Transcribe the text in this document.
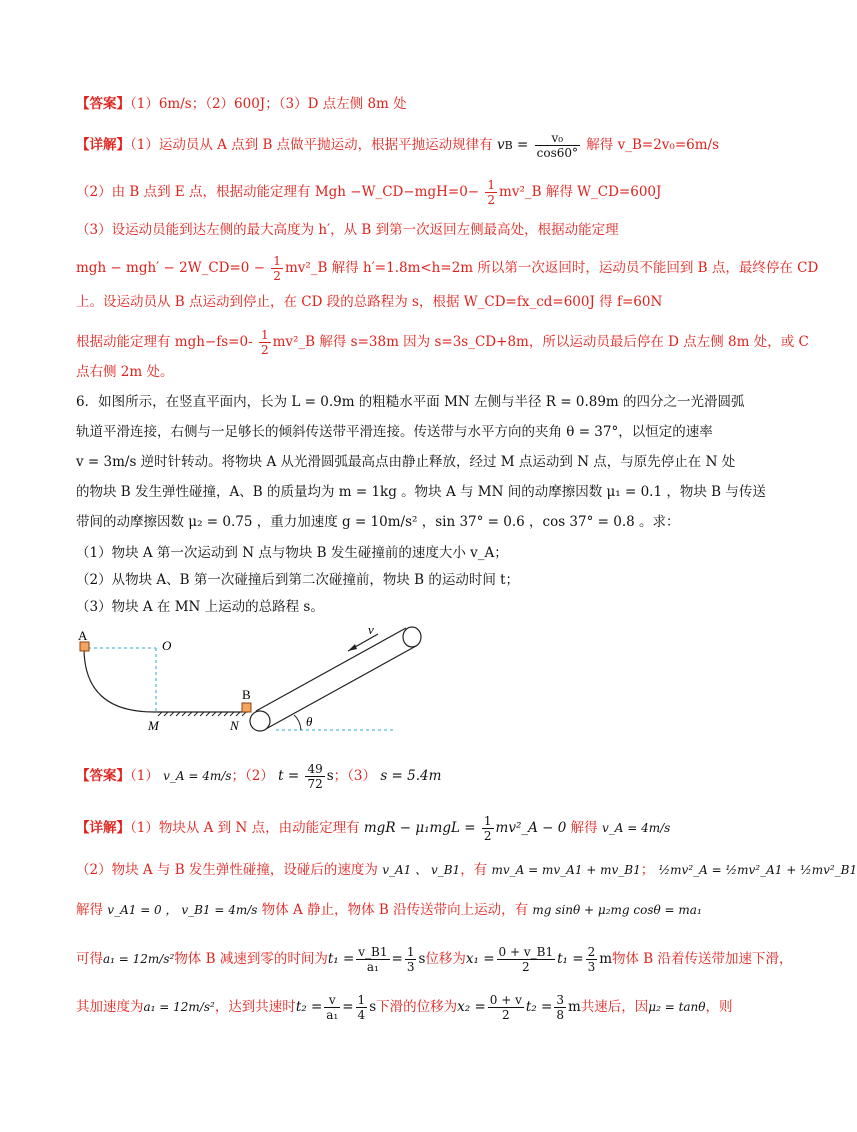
【答案】（1）6m/s；（2）600J；（3）D 点左侧 8m 处
【详解】（1）运动员从 A 点到 B 点做平抛运动，根据平抛运动规律有 vB = $\frac{\text{v₀}}{\cos 60^\circ}$ 解得 v_B=2v₀=6m/s
（2）由 B 点到 E 点，根据动能定理有 Mgh −W_CD−mgH=0− $\frac{1}{2}$ mv²_B 解得 W_CD=600J
（3）设运动员能到达左侧的最大高度为 h′，从 B 到第一次返回左侧最高处，根据动能定理
mgh − mgh′ − 2W_CD=0 − $\frac{1}{2}$ mv²_B 解得 h′=1.8m<h=2m 所以第一次返回时，运动员不能回到 B 点，最终停在 CD
上。设运动员从 B 点运动到停止，在 CD 段的总路程为 s，根据 W_CD=fx_cd=600J 得 f=60N
根据动能定理有 $mgh-fs=0- \frac{1}{2}$ mv²_B 解得 s=38m 因为 s=3s_CD+8m，所以运动员最后停在 D 点左侧 8m 处，或 C
点右侧 2m 处。
6．如图所示，在竖直平面内，长为 L = 0.9m 的粗糙水平面 MN 左侧与半径 R = 0.89m 的四分之一光滑圆弧
轨道平滑连接，右侧与一足够长的倾斜传送带平滑连接。传送带与水平方向的夹角 θ = 37°，以恒定的速率
v = 3m/s 逆时针转动。将物块 A 从光滑圆弧最高点由静止释放，经过 M 点运动到 N 点，与原先停止在 N 处
的物块 B 发生弹性碰撞，A、B 的质量均为 m = 1kg 。物块 A 与 MN 间的动摩擦因数 μ₁ = 0.1 ，物块 B 与传送
带间的动摩擦因数 μ₂ = 0.75 ，重力加速度 g = 10m/s² ，sin 37° = 0.6 ，cos 37° = 0.8 。求：
（1）物块 A 第一次运动到 N 点与物块 B 发生碰撞前的速度大小 v_A；
（2）从物块 A、B 第一次碰撞后到第二次碰撞前，物块 B 的运动时间 t；
（3）物块 A 在 MN 上运动的总路程 s。
A
O
M	N
B
v
θ
【答案】（1） v_A = 4m/s；（2） $t = \frac{49}{72}$ s；（3） s = 5.4m
【详解】（1）物块从 A 到 N 点，由动能定理有 mgR − $\mu_1mgL = \frac{1}{2}$ mv²_A − 0 解得 v_A = 4m/s
（2）物块 A 与 B 发生弹性碰撞，设碰后的速度为 v_A1 、 v_B1，有 mv_A = mv_A1 + mv_B1； ½mv²_A = ½mv²_A1 + ½mv²_B1
解得 v_A1 = 0 ， v_B1 = 4m/s 物体 A 静止，物体 B 沿传送带向上运动，有 mg sinθ + μ₂mg cosθ = ma₁
可得a₁ = 12m/s²物体 B 减速到零的时间为$t_1 = \frac{v\_B1}{\text{a₁}} = \frac{1}{3}$ s位移为$x_1 = \frac{0 + v\_B1}{2} t_1 = \frac{2}{3}$ m物体 B 沿着传送带加速下滑，
其加速度为a₁ = 12m/s²，达到共速时$t_2 = \frac{v}{\text{a₁}} = \frac{1}{4}$ s下滑的位移为$x_2 = \frac{0 + v}{2} t_2 = \frac{3}{8}$ m共速后，因μ₂ = tanθ，则
